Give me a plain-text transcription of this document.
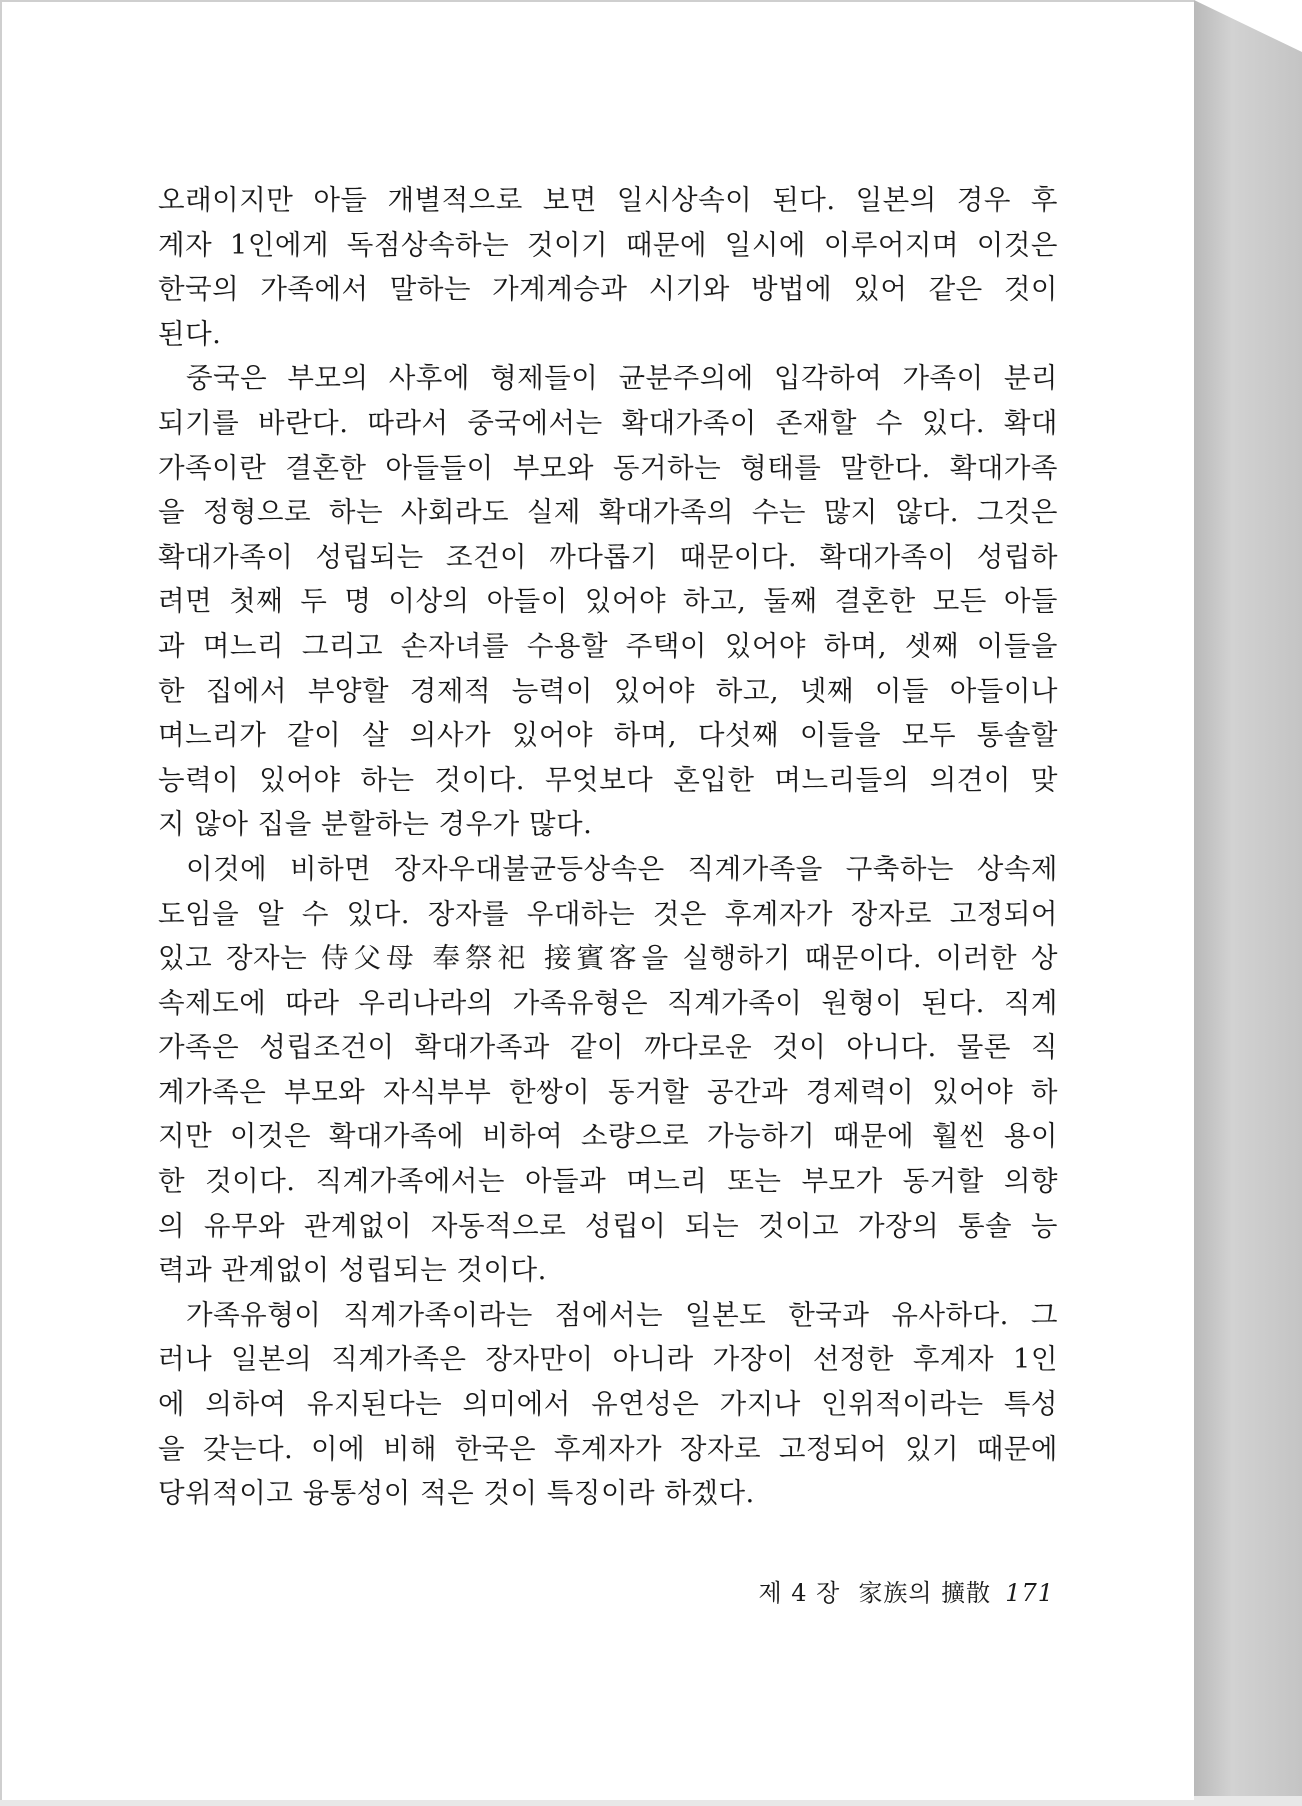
오래이지만 아들 개별적으로 보면 일시상속이 된다. 일본의 경우 후
계자 1인에게 독점상속하는 것이기 때문에 일시에 이루어지며 이것은
한국의 가족에서 말하는 가계계승과 시기와 방법에 있어 같은 것이
된다.
중국은 부모의 사후에 형제들이 균분주의에 입각하여 가족이 분리
되기를 바란다. 따라서 중국에서는 확대가족이 존재할 수 있다. 확대
가족이란 결혼한 아들들이 부모와 동거하는 형태를 말한다. 확대가족
을 정형으로 하는 사회라도 실제 확대가족의 수는 많지 않다. 그것은
확대가족이 성립되는 조건이 까다롭기 때문이다. 확대가족이 성립하
려면 첫째 두 명 이상의 아들이 있어야 하고, 둘째 결혼한 모든 아들
과 며느리 그리고 손자녀를 수용할 주택이 있어야 하며, 셋째 이들을
한 집에서 부양할 경제적 능력이 있어야 하고, 넷째 이들 아들이나
며느리가 같이 살 의사가 있어야 하며, 다섯째 이들을 모두 통솔할
능력이 있어야 하는 것이다. 무엇보다 혼입한 며느리들의 의견이 맞
지 않아 집을 분할하는 경우가 많다.
이것에 비하면 장자우대불균등상속은 직계가족을 구축하는 상속제
도임을 알 수 있다. 장자를 우대하는 것은 후계자가 장자로 고정되어
있고 장자는 侍父母 奉祭祀 接賓客을 실행하기 때문이다. 이러한 상
속제도에 따라 우리나라의 가족유형은 직계가족이 원형이 된다. 직계
가족은 성립조건이 확대가족과 같이 까다로운 것이 아니다. 물론 직
계가족은 부모와 자식부부 한쌍이 동거할 공간과 경제력이 있어야 하
지만 이것은 확대가족에 비하여 소량으로 가능하기 때문에 훨씬 용이
한 것이다. 직계가족에서는 아들과 며느리 또는 부모가 동거할 의향
의 유무와 관계없이 자동적으로 성립이 되는 것이고 가장의 통솔 능
력과 관계없이 성립되는 것이다.
가족유형이 직계가족이라는 점에서는 일본도 한국과 유사하다. 그
러나 일본의 직계가족은 장자만이 아니라 가장이 선정한 후계자 1인
에 의하여 유지된다는 의미에서 유연성은 가지나 인위적이라는 특성
을 갖는다. 이에 비해 한국은 후계자가 장자로 고정되어 있기 때문에
당위적이고 융통성이 적은 것이 특징이라 하겠다.
제 4 장 家族의 擴散 171
